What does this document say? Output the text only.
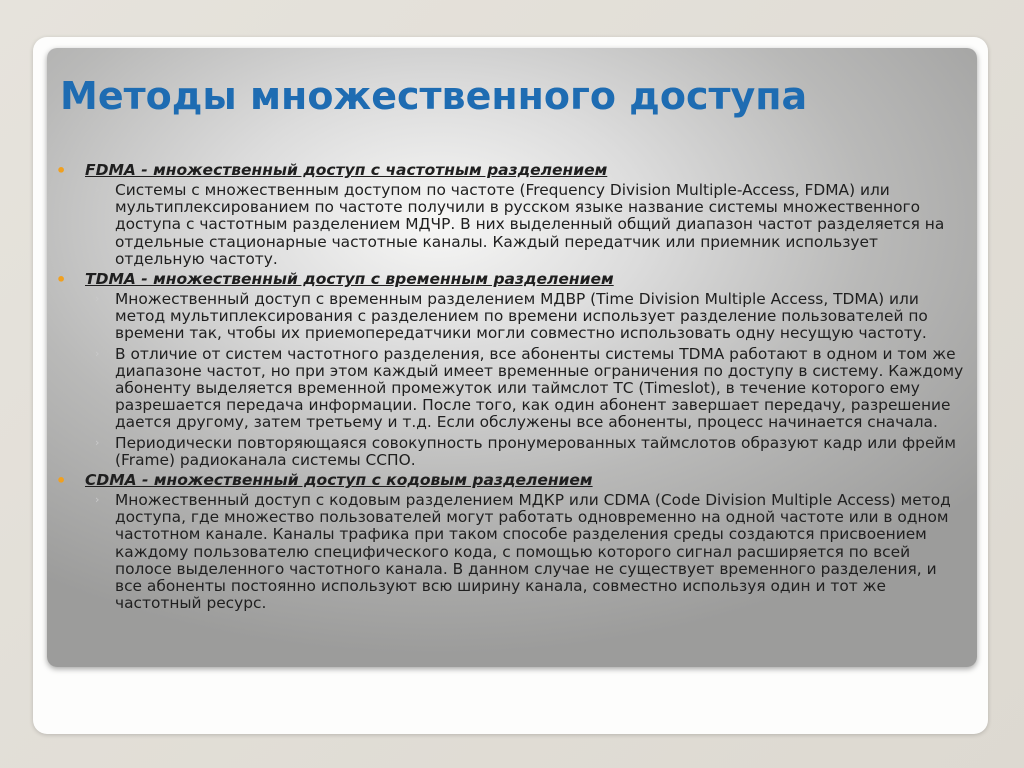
Методы множественного доступа
• FDMA - множественный доступ с частотным разделением
› Системы с множественным доступом по частоте (Frequency Division Multiple-Access, FDMA) или мультиплексированием по частоте получили в русском языке название системы множественного доступа с частотным разделением МДЧР. В них выделенный общий диапазон частот разделяется на отдельные стационарные частотные каналы. Каждый передатчик или приемник использует отдельную частоту.
• TDMA - множественный доступ с временным разделением
› Множественный доступ с временным разделением МДВР (Time Division Multiple Access, TDMA) или метод мультиплексирования с разделением по времени использует разделение пользователей по времени так, чтобы их приемопередатчики могли совместно использовать одну несущую частоту.
› В отличие от систем частотного разделения, все абоненты системы TDMA работают в одном и том же диапазоне частот, но при этом каждый имеет временные ограничения по доступу в систему. Каждому абоненту выделяется временной промежуток или таймслот ТС (Timeslot), в течение которого ему разрешается передача информации. После того, как один абонент завершает передачу, разрешение дается другому, затем третьему и т.д. Если обслужены все абоненты, процесс начинается сначала.
› Периодически повторяющаяся совокупность пронумерованных таймслотов образуют кадр или фрейм (Frame) радиоканала системы ССПО.
• CDMA - множественный доступ с кодовым разделением
› Множественный доступ с кодовым разделением МДКР или CDMA (Code Division Multiple Access) метод доступа, где множество пользователей могут работать одновременно на одной частоте или в одном частотном канале. Каналы трафика при таком способе разделения среды создаются присвоением каждому пользователю специфического кода, с помощью которого сигнал расширяется по всей полосе выделенного частотного канала. В данном случае не существует временного разделения, и все абоненты постоянно используют всю ширину канала, совместно используя один и тот же частотный ресурс.
